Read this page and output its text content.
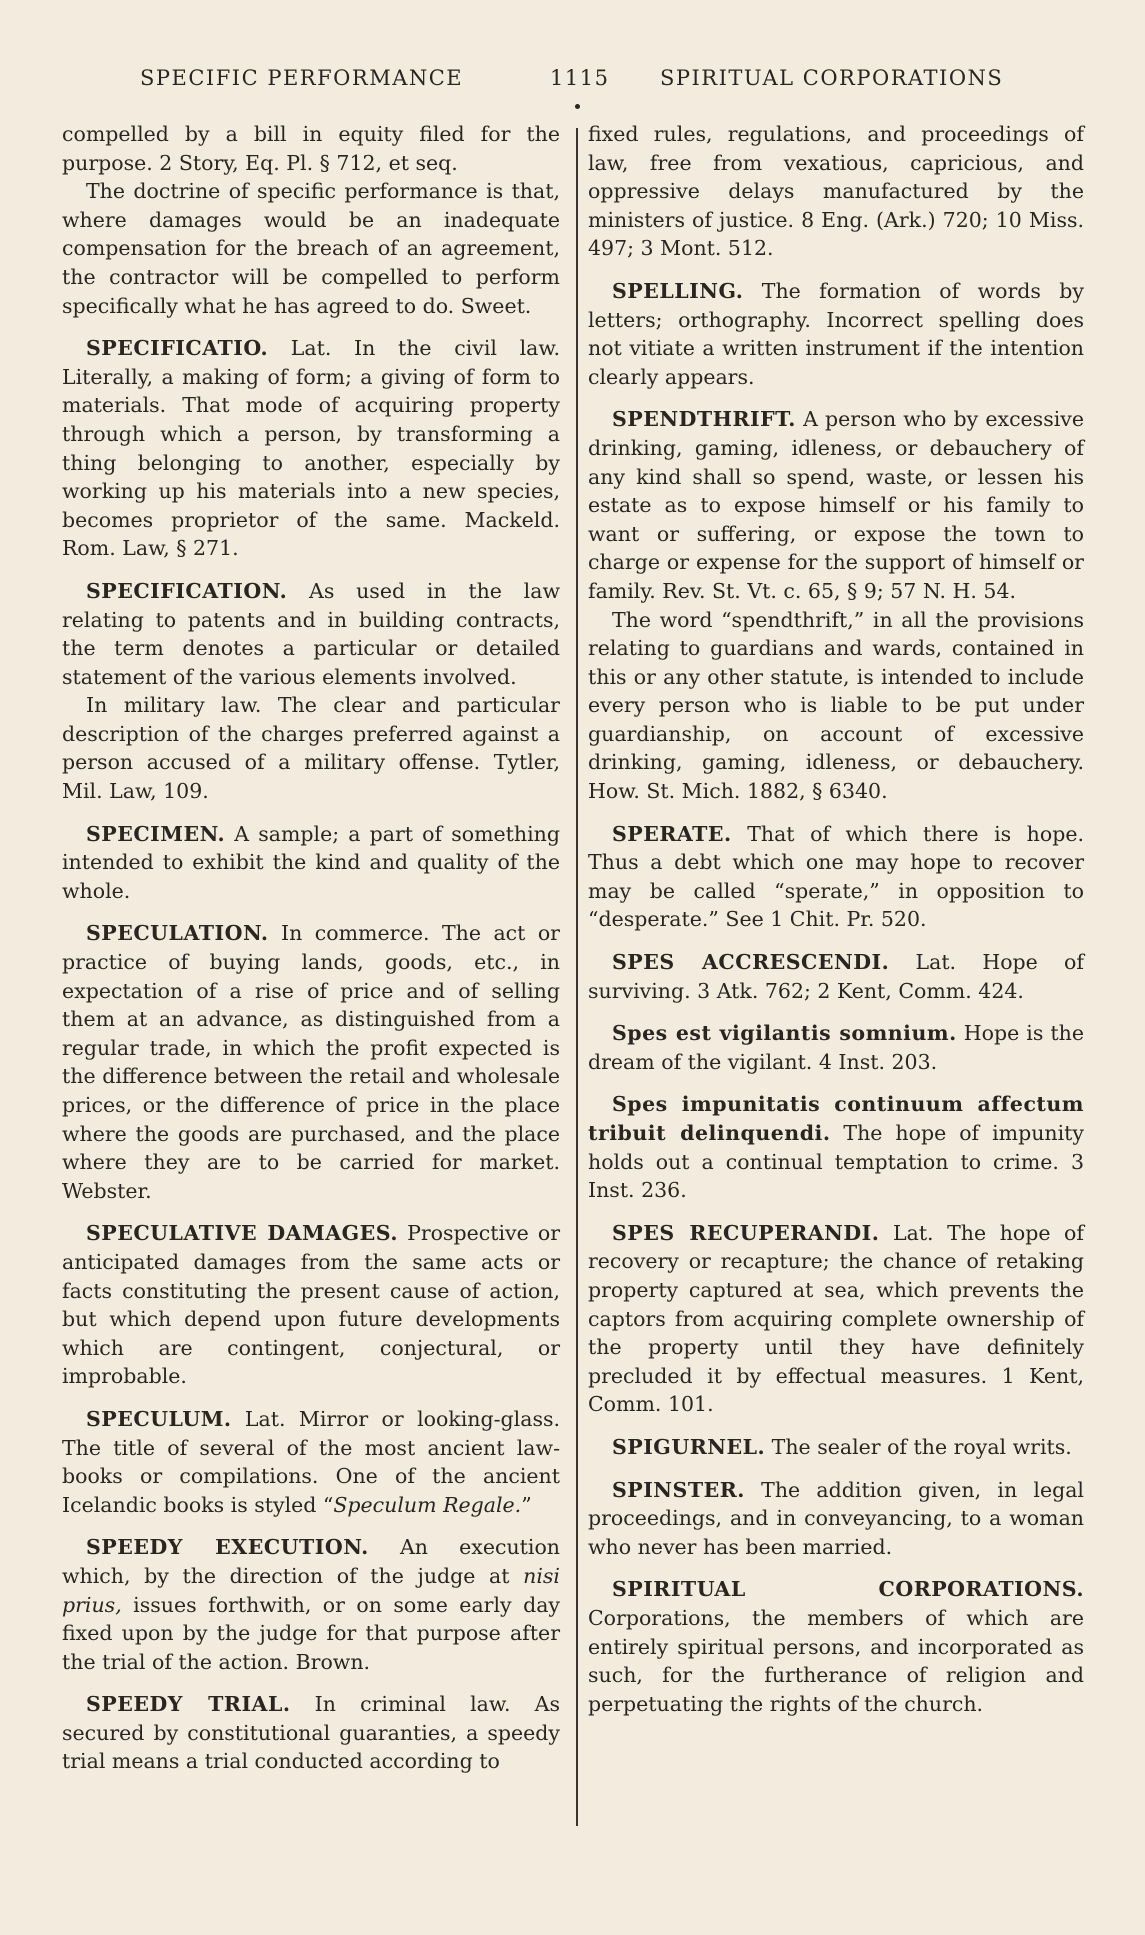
SPECIFIC PERFORMANCE	1115 SPIRITUAL CORPORATIONS

compelled by a bill in equity filed for the purpose. 2 Story, Eq. Pl. § 712, et seq.

The doctrine of specific performance is that, where damages would be an inadequate compensation for the breach of an agreement, the contractor will be compelled to perform specifically what he has agreed to do. Sweet.

SPECIFICATIO. Lat. In the civil law. Literally, a making of form; a giving of form to materials. That mode of acquiring property through which a person, by transforming a thing belonging to another, especially by working up his materials into a new species, becomes proprietor of the same. Mackeld. Rom. Law, § 271.

SPECIFICATION. As used in the law relating to patents and in building contracts, the term denotes a particular or detailed statement of the various elements involved.

In military law. The clear and particular description of the charges preferred against a person accused of a military offense. Tytler, Mil. Law, 109.

SPECIMEN. A sample; a part of something intended to exhibit the kind and quality of the whole.

SPECULATION. In commerce. The act or practice of buying lands, goods, etc., in expectation of a rise of price and of selling them at an advance, as distinguished from a regular trade, in which the profit expected is the difference between the retail and wholesale prices, or the difference of price in the place where the goods are purchased, and the place where they are to be carried for market. Webster.

SPECULATIVE DAMAGES. Prospective or anticipated damages from the same acts or facts constituting the present cause of action, but which depend upon future developments which are contingent, conjectural, or improbable.

SPECULUM. Lat. Mirror or looking-glass. The title of several of the most ancient law-books or compilations. One of the ancient Icelandic books is styled “Speculum Regale.”

SPEEDY EXECUTION. An execution which, by the direction of the judge at nisi prius, issues forthwith, or on some early day fixed upon by the judge for that purpose after the trial of the action. Brown.

SPEEDY TRIAL. In criminal law. As secured by constitutional guaranties, a speedy trial means a trial conducted according to

fixed rules, regulations, and proceedings of law, free from vexatious, capricious, and oppressive delays manufactured by the ministers of justice. 8 Eng. (Ark.) 720; 10 Miss. 497; 3 Mont. 512.

SPELLING. The formation of words by letters; orthography. Incorrect spelling does not vitiate a written instrument if the intention clearly appears.

SPENDTHRIFT. A person who by excessive drinking, gaming, idleness, or debauchery of any kind shall so spend, waste, or lessen his estate as to expose himself or his family to want or suffering, or expose the town to charge or expense for the support of himself or family. Rev. St. Vt. c. 65, § 9; 57 N. H. 54.

The word “spendthrift,” in all the provisions relating to guardians and wards, contained in this or any other statute, is intended to include every person who is liable to be put under guardianship, on account of excessive drinking, gaming, idleness, or debauchery. How. St. Mich. 1882, § 6340.

SPERATE. That of which there is hope. Thus a debt which one may hope to recover may be called “sperate,” in opposition to “desperate.” See 1 Chit. Pr. 520.

SPES ACCRESCENDI. Lat. Hope of surviving. 3 Atk. 762; 2 Kent, Comm. 424.

Spes est vigilantis somnium. Hope is the dream of the vigilant. 4 Inst. 203.

Spes impunitatis continuum affectum tribuit delinquendi. The hope of impunity holds out a continual temptation to crime. 3 Inst. 236.

SPES RECUPERANDI. Lat. The hope of recovery or recapture; the chance of retaking property captured at sea, which prevents the captors from acquiring complete ownership of the property until they have definitely precluded it by effectual measures. 1 Kent, Comm. 101.

SPIGURNEL. The sealer of the royal writs.

SPINSTER. The addition given, in legal proceedings, and in conveyancing, to a woman who never has been married.

SPIRITUAL CORPORATIONS. Corporations, the members of which are entirely spiritual persons, and incorporated as such, for the furtherance of religion and perpetuating the rights of the church.
